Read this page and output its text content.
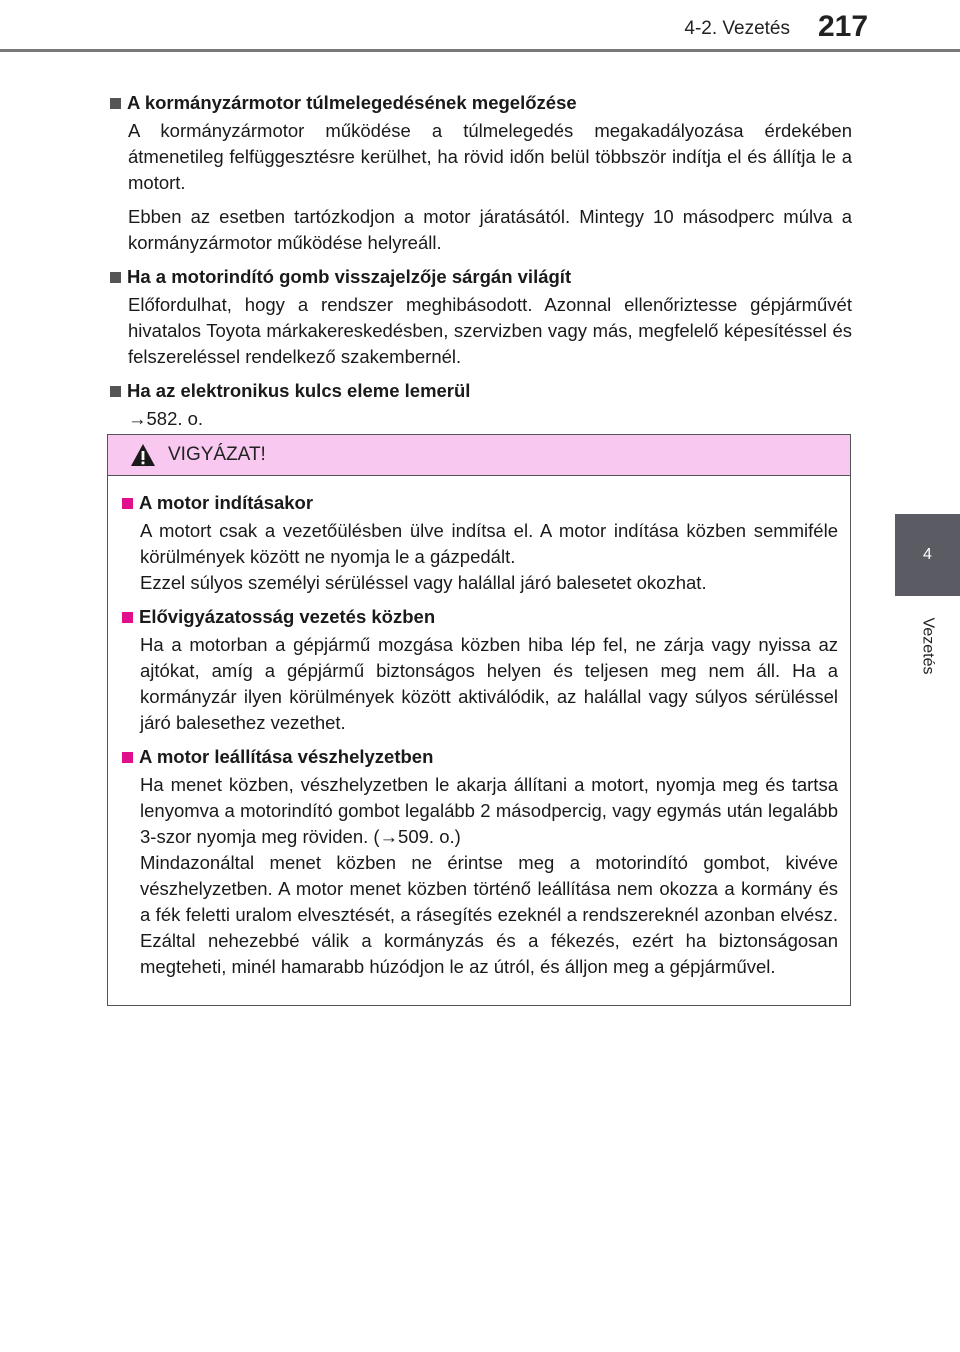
4-2. Vezetés 217
4
Vezetés
A kormányzármotor túlmelegedésének megelőzése

A kormányzármotor működése a túlmelegedés megakadályozása érdekében átmenetileg felfüggesztésre kerülhet, ha rövid időn belül többször indítja el és állítja le a motort.

Ebben az esetben tartózkodjon a motor járatásától. Mintegy 10 másodperc múlva a kormányzármotor működése helyreáll.

Ha a motorindító gomb visszajelzője sárgán világít

Előfordulhat, hogy a rendszer meghibásodott. Azonnal ellenőriztesse gépjárművét hivatalos Toyota márkakereskedésben, szervizben vagy más, megfelelő képesítéssel és felszereléssel rendelkező szakembernél.

Ha az elektronikus kulcs eleme lemerül
→582. o.
VIGYÁZAT!
A motor indításakor

A motort csak a vezetőülésben ülve indítsa el. A motor indítása közben semmiféle körülmények között ne nyomja le a gázpedált.
Ezzel súlyos személyi sérüléssel vagy halállal járó balesetet okozhat.

Elővigyázatosság vezetés közben

Ha a motorban a gépjármű mozgása közben hiba lép fel, ne zárja vagy nyissa az ajtókat, amíg a gépjármű biztonságos helyen és teljesen meg nem áll. Ha a kormányzár ilyen körülmények között aktiválódik, az halállal vagy súlyos sérüléssel járó balesethez vezethet.

A motor leállítása vészhelyzetben

Ha menet közben, vészhelyzetben le akarja állítani a motort, nyomja meg és tartsa lenyomva a motorindító gombot legalább 2 másodpercig, vagy egymás után legalább 3-szor nyomja meg röviden. (→509. o.)
Mindazonáltal menet közben ne érintse meg a motorindító gombot, kivéve vészhelyzetben. A motor menet közben történő leállítása nem okozza a kormány és a fék feletti uralom elvesztését, a rásegítés ezeknél a rendszereknél azonban elvész. Ezáltal nehezebbé válik a kormányzás és a fékezés, ezért ha biztonságosan megteheti, minél hamarabb húzódjon le az útról, és álljon meg a gépjárművel.
